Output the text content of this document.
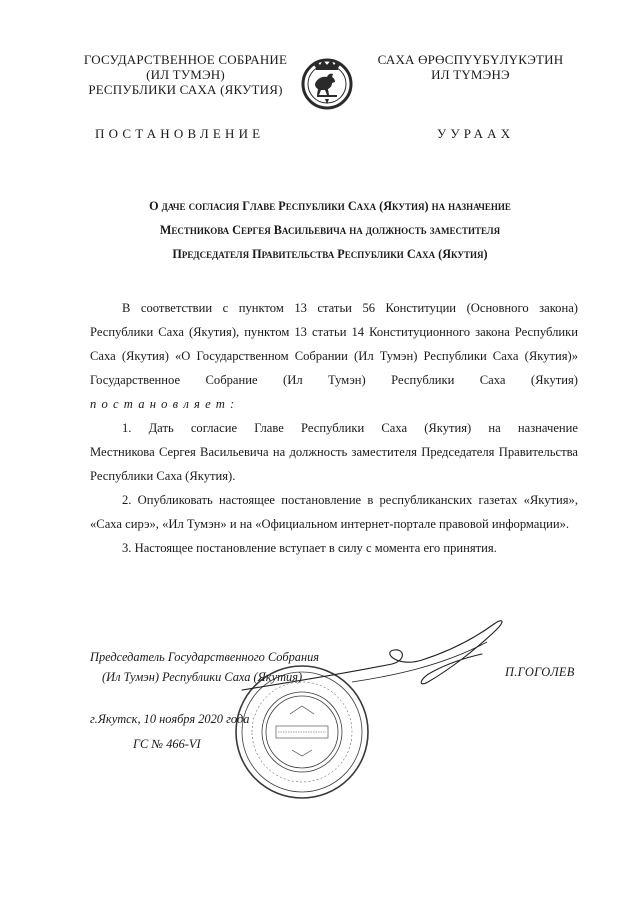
ГОСУДАРСТВЕННОЕ СОБРАНИЕ
(ИЛ ТУМЭН)
РЕСПУБЛИКИ САХА (ЯКУТИЯ)
САХА ӨРӨСПҮҮБҮЛҮКЭТИН
ИЛ ТҮМЭНЭ
ПОСТАНОВЛЕНИЕ	УУРААХ
О даче согласия Главе Республики Саха (Якутия) на назначение
Местникова Сергея Васильевича на должность заместителя
Председателя Правительства Республики Саха (Якутия)

В соответствии с пунктом 13 статьи 56 Конституции (Основного закона)

Республики Саха (Якутия), пунктом 13 статьи 14 Конституционного закона Республики

Саха (Якутия) «О Государственном Собрании (Ил Тумэн) Республики Саха (Якутия)»

Государственное Собрание (Ил Тумэн) Республики Саха (Якутия)

постановляет:

1. Дать согласие Главе Республики Саха (Якутия) на назначение

Местникова Сергея Васильевича на должность заместителя Председателя Правительства

Республики Саха (Якутия).

2. Опубликовать настоящее постановление в республиканских газетах «Якутия»,

«Саха сирэ», «Ил Тумэн» и на «Официальном интернет-портале правовой информации».

3. Настоящее постановление вступает в силу с момента его принятия.

Председатель Государственного Собрания
(Ил Тумэн) Республики Саха (Якутия)	П.ГОГОЛЕВ
г.Якутск, 10 ноября 2020 года
ГС № 466-VI
